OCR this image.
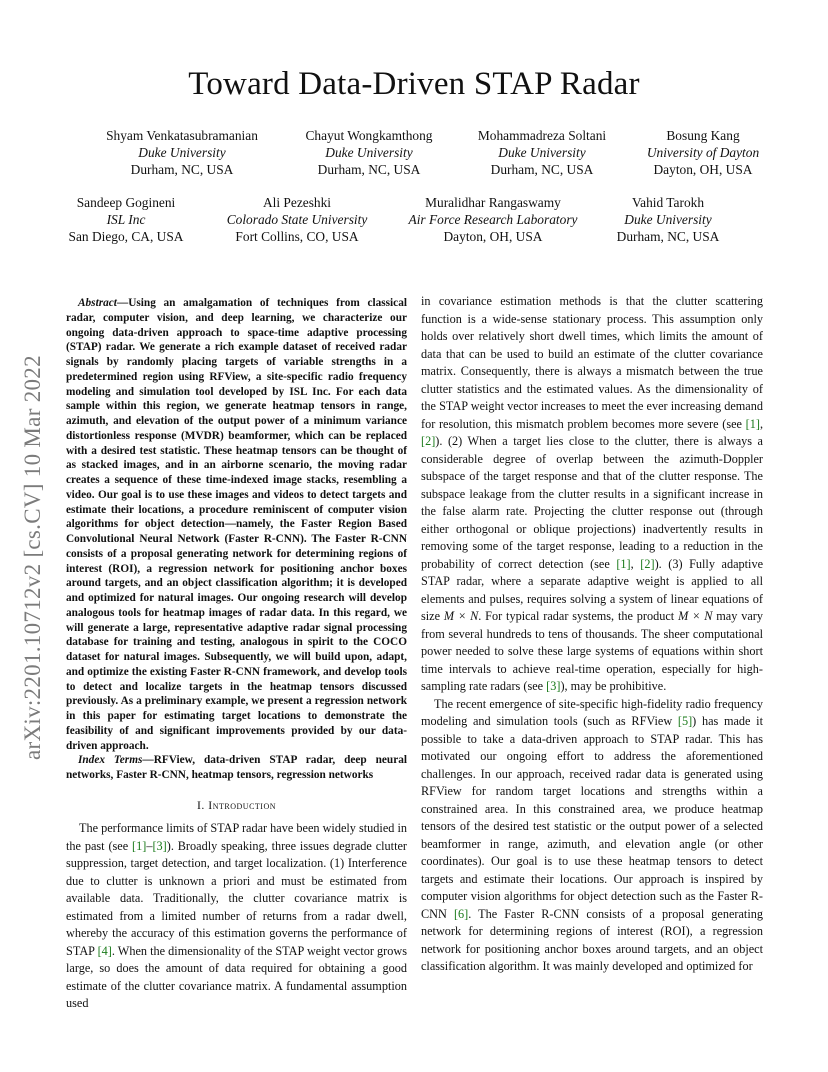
Toward Data-Driven STAP Radar
Shyam Venkatasubramanian
Duke University
Durham, NC, USA
Chayut Wongkamthong
Duke University
Durham, NC, USA
Mohammadreza Soltani
Duke University
Durham, NC, USA
Bosung Kang
University of Dayton
Dayton, OH, USA
Sandeep Gogineni
ISL Inc
San Diego, CA, USA
Ali Pezeshki
Colorado State University
Fort Collins, CO, USA
Muralidhar Rangaswamy
Air Force Research Laboratory
Dayton, OH, USA
Vahid Tarokh
Duke University
Durham, NC, USA
arXiv:2201.10712v2 [cs.CV] 10 Mar 2022

Abstract—Using an amalgamation of techniques from classical radar, computer vision, and deep learning, we characterize our ongoing data-driven approach to space-time adaptive processing (STAP) radar. We generate a rich example dataset of received radar signals by randomly placing targets of variable strengths in a predetermined region using RFView, a site-specific radio frequency modeling and simulation tool developed by ISL Inc. For each data sample within this region, we generate heatmap tensors in range, azimuth, and elevation of the output power of a minimum variance distortionless response (MVDR) beamformer, which can be replaced with a desired test statistic. These heatmap tensors can be thought of as stacked images, and in an airborne scenario, the moving radar creates a sequence of these time-indexed image stacks, resembling a video. Our goal is to use these images and videos to detect targets and estimate their locations, a procedure reminiscent of computer vision algorithms for object detection—namely, the Faster Region Based Convolutional Neural Network (Faster R-CNN). The Faster R-CNN consists of a proposal generating network for determining regions of interest (ROI), a regression network for positioning anchor boxes around targets, and an object classification algorithm; it is developed and optimized for natural images. Our ongoing research will develop analogous tools for heatmap images of radar data. In this regard, we will generate a large, representative adaptive radar signal processing database for training and testing, analogous in spirit to the COCO dataset for natural images. Subsequently, we will build upon, adapt, and optimize the existing Faster R-CNN framework, and develop tools to detect and localize targets in the heatmap tensors discussed previously. As a preliminary example, we present a regression network in this paper for estimating target locations to demonstrate the feasibility of and significant improvements provided by our data-driven approach.

Index Terms—RFView, data-driven STAP radar, deep neural networks, Faster R-CNN, heatmap tensors, regression networks

I. Introduction

The performance limits of STAP radar have been widely studied in the past (see [1]–[3]). Broadly speaking, three issues degrade clutter suppression, target detection, and target localization. (1) Interference due to clutter is unknown a priori and must be estimated from available data. Traditionally, the clutter covariance matrix is estimated from a limited number of returns from a radar dwell, whereby the accuracy of this estimation governs the performance of STAP [4]. When the dimensionality of the STAP weight vector grows large, so does the amount of data required for obtaining a good estimate of the clutter covariance matrix. A fundamental assumption used

in covariance estimation methods is that the clutter scattering function is a wide-sense stationary process. This assumption only holds over relatively short dwell times, which limits the amount of data that can be used to build an estimate of the clutter covariance matrix. Consequently, there is always a mismatch between the true clutter statistics and the estimated values. As the dimensionality of the STAP weight vector increases to meet the ever increasing demand for resolution, this mismatch problem becomes more severe (see [1], [2]). (2) When a target lies close to the clutter, there is always a considerable degree of overlap between the azimuth-Doppler subspace of the target response and that of the clutter response. The subspace leakage from the clutter results in a significant increase in the false alarm rate. Projecting the clutter response out (through either orthogonal or oblique projections) inadvertently results in removing some of the target response, leading to a reduction in the probability of correct detection (see [1], [2]). (3) Fully adaptive STAP radar, where a separate adaptive weight is applied to all elements and pulses, requires solving a system of linear equations of size M × N. For typical radar systems, the product M × N may vary from several hundreds to tens of thousands. The sheer computational power needed to solve these large systems of equations within short time intervals to achieve real-time operation, especially for high-sampling rate radars (see [3]), may be prohibitive.

The recent emergence of site-specific high-fidelity radio frequency modeling and simulation tools (such as RFView [5]) has made it possible to take a data-driven approach to STAP radar. This has motivated our ongoing effort to address the aforementioned challenges. In our approach, received radar data is generated using RFView for random target locations and strengths within a constrained area. In this constrained area, we produce heatmap tensors of the desired test statistic or the output power of a selected beamformer in range, azimuth, and elevation angle (or other coordinates). Our goal is to use these heatmap tensors to detect targets and estimate their locations. Our approach is inspired by computer vision algorithms for object detection such as the Faster R-CNN [6]. The Faster R-CNN consists of a proposal generating network for determining regions of interest (ROI), a regression network for positioning anchor boxes around targets, and an object classification algorithm. It was mainly developed and optimized for
